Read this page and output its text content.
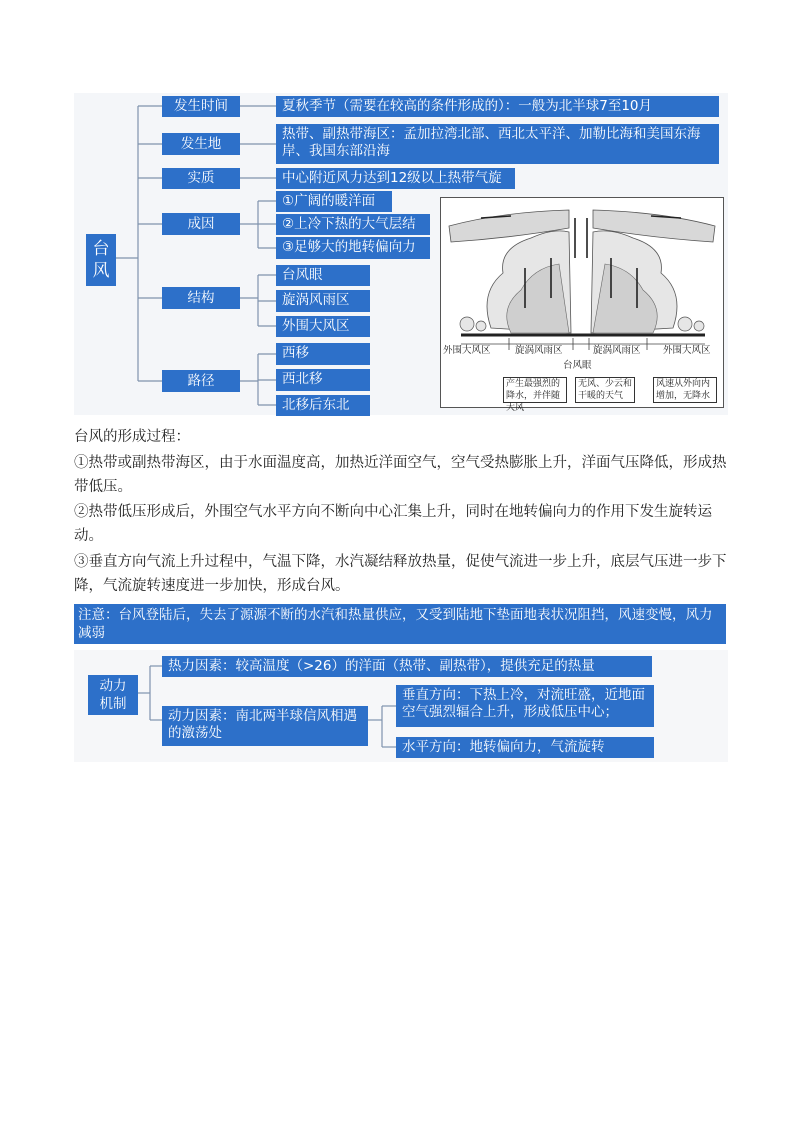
台风
发生时间
发生地
实质
成因
结构
路径
夏秋季节（需要在较高的条件形成的）：一般为北半球7至10月
热带、副热带海区：孟加拉湾北部、西北太平洋、加勒比海和美国东海岸、我国东部沿海
中心附近风力达到12级以上热带气旋
①广阔的暖洋面
②上冷下热的大气层结
③足够大的地转偏向力
台风眼
旋涡风雨区
外围大风区
西移
西北移
北移后东北
外围大风区	旋涡风雨区	旋涡风雨区 外围大风区
台风眼
产生最强烈的降水，并伴随大风
无风、少云和干暖的天气
风速从外向内增加，无降水
台风的形成过程：
①热带或副热带海区，由于水面温度高，加热近洋面空气，空气受热膨胀上升，洋面气压降低，形成热带低压。
②热带低压形成后，外围空气水平方向不断向中心汇集上升，同时在地转偏向力的作用下发生旋转运动。
③垂直方向气流上升过程中，气温下降，水汽凝结释放热量，促使气流进一步上升，底层气压进一步下降，气流旋转速度进一步加快，形成台风。
注意：台风登陆后，失去了源源不断的水汽和热量供应，又受到陆地下垫面地表状况阻挡，风速变慢，风力减弱
动力机制
热力因素：较高温度（>26）的洋面（热带、副热带），提供充足的热量
动力因素：南北两半球信风相遇的激荡处
垂直方向：下热上冷，对流旺盛，近地面空气强烈辐合上升，形成低压中心；
水平方向：地转偏向力，气流旋转
